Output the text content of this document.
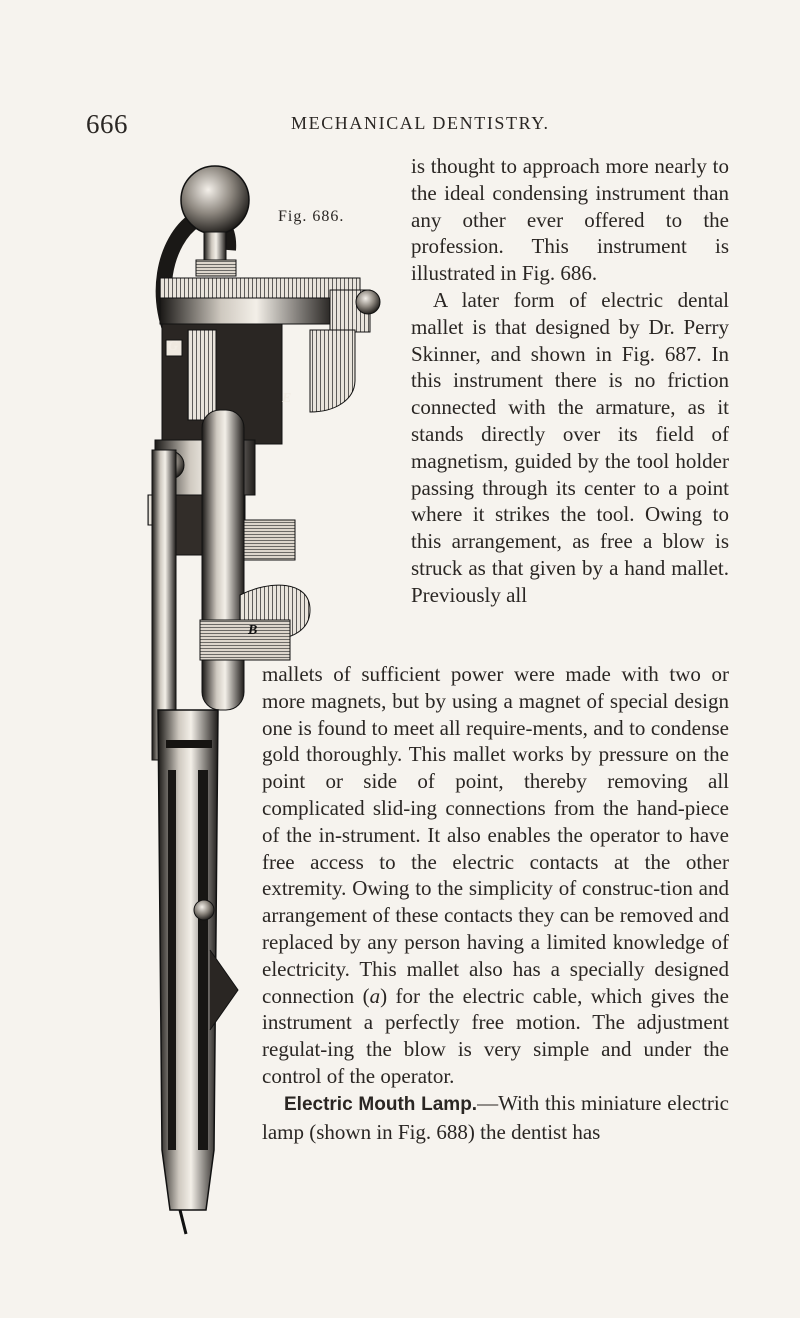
666	MECHANICAL DENTISTRY.
Fig. 686.
G
E
B

is thought to approach more nearly to the ideal condensing instrument than any other ever offered to the profession. This instrument is illustrated in Fig. 686.

A later form of electric dental mallet is that designed by Dr. Perry Skinner, and shown in Fig. 687. In this instrument there is no friction connected with the armature, as it stands directly over its field of magnetism, guided by the tool holder passing through its center to a point where it strikes the tool. Owing to this arrangement, as free a blow is struck as that given by a hand mallet. Previously all

mallets of sufficient power were made with two or more magnets, but by using a magnet of special design one is found to meet all require-ments, and to condense gold thoroughly. This mallet works by pressure on the point or side of point, thereby removing all complicated slid-ing connections from the hand-piece of the in-strument. It also enables the operator to have free access to the electric contacts at the other extremity. Owing to the simplicity of construc-tion and arrangement of these contacts they can be removed and replaced by any person having a limited knowledge of electricity. This mallet also has a specially designed connection (a) for the electric cable, which gives the instrument a perfectly free motion. The adjustment regulat-ing the blow is very simple and under the control of the operator.

Electric Mouth Lamp.—With this miniature electric lamp (shown in Fig. 688) the dentist has
